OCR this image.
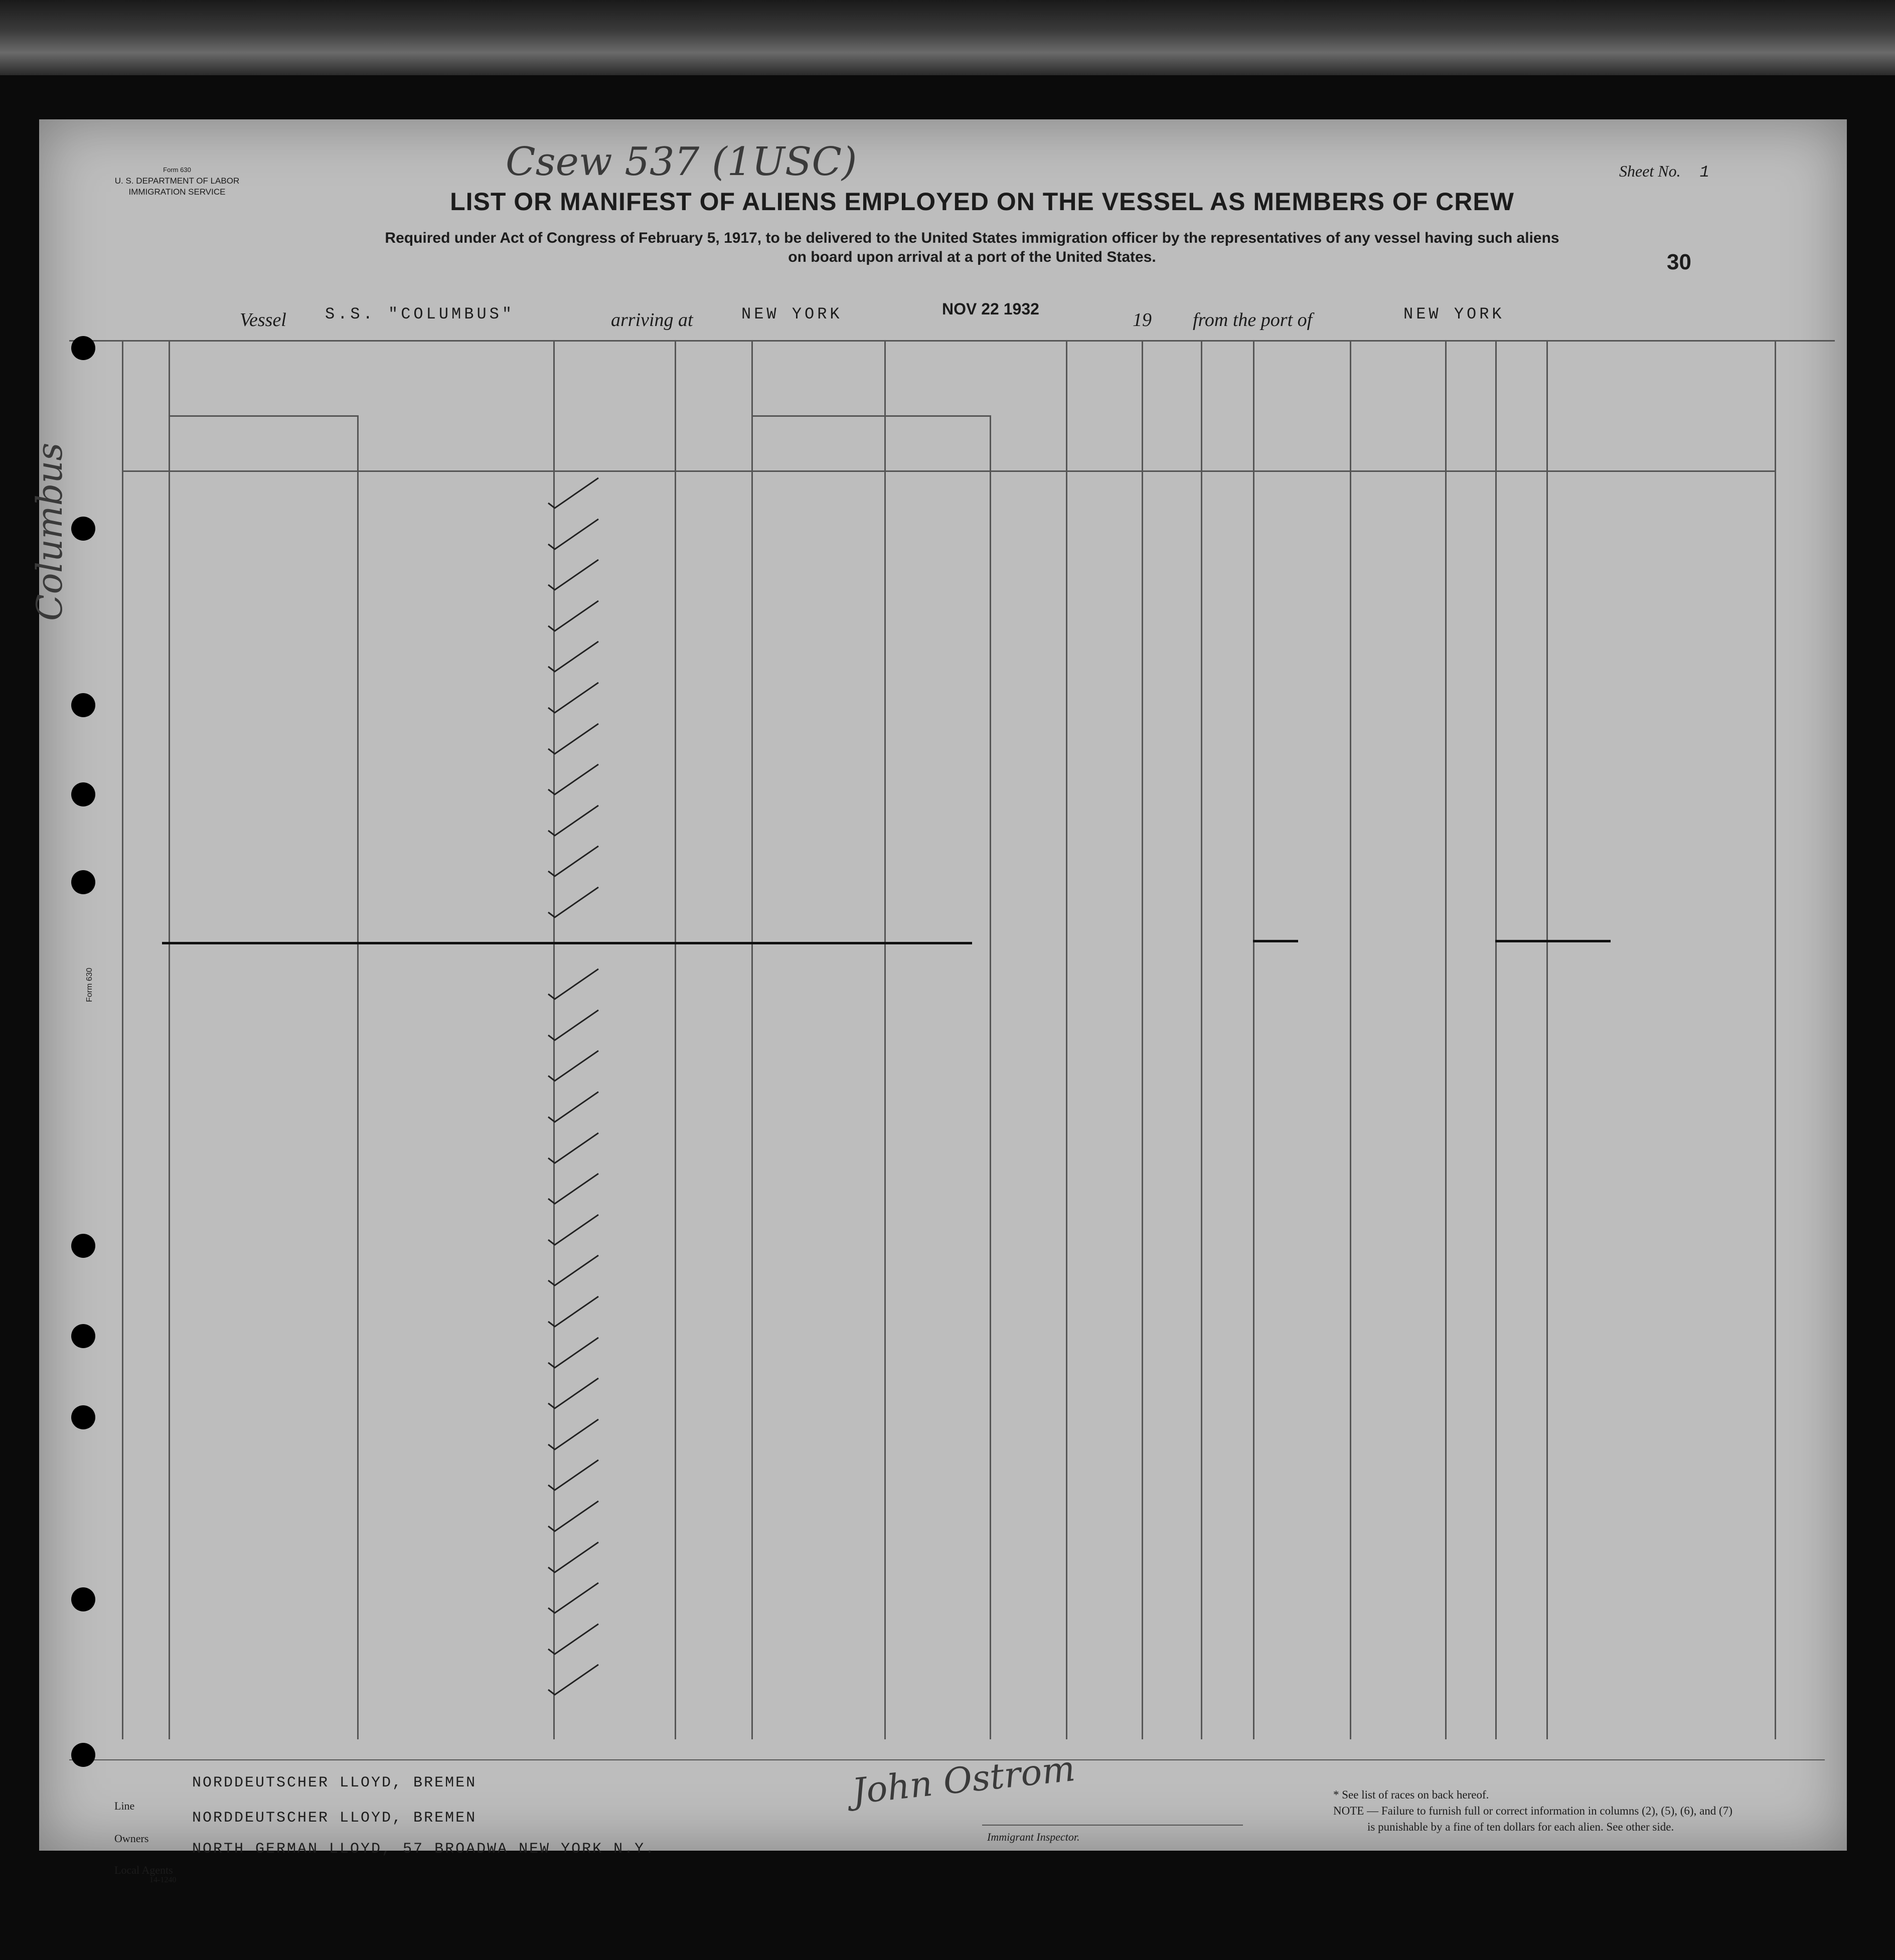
Form 630
U. S. DEPARTMENT OF LABOR
IMMIGRATION SERVICE
Csew 537 (1USC)	Sheet No. 1
LIST OR MANIFEST OF ALIENS EMPLOYED ON THE VESSEL AS MEMBERS OF CREW
Required under Act of Congress of February 5, 1917, to be delivered to the United States immigration officer by the representatives of any vessel having such aliens
on board upon arrival at a port of the United States.	30
Vessel S.S. "COLUMBUS"	arriving at	NEW YORK	NOV 22 1932
19 from the port of	NEW YORK
Columbus
Form 630
Line
NORDDEUTSCHER LLOYD, BREMEN
Owners
NORDDEUTSCHER LLOYD, BREMEN
Local Agents
NORTH GERMAN LLOYD, 57 BROADWA NEW YORK N.Y.
14-1240
John Ostrom
Immigrant Inspector.
* See list of races on back hereof.
NOTE — Failure to furnish full or correct information in columns (2), (5), (6), and (7)
is punishable by a fine of ten dollars for each alien. See other side.
